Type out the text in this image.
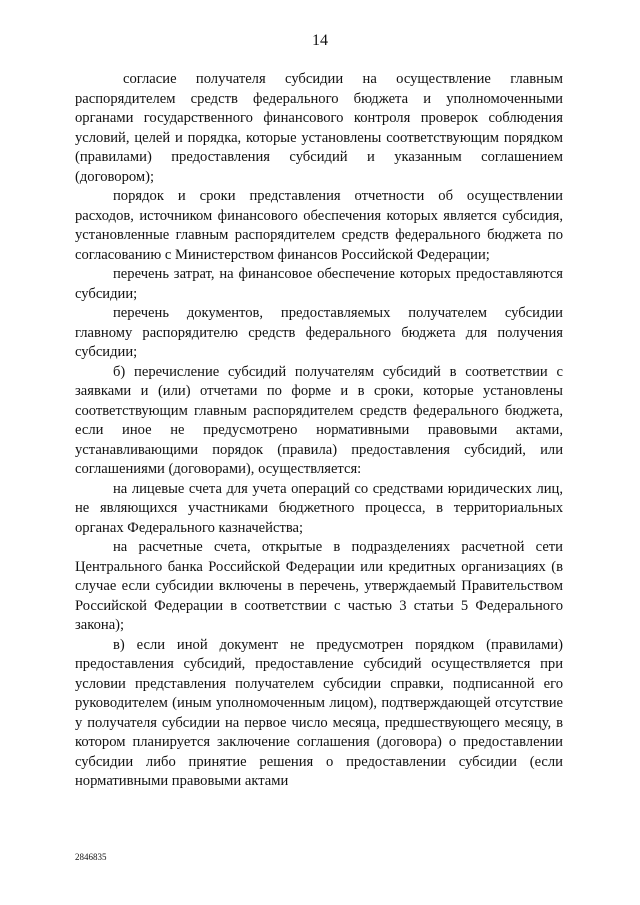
14

согласие получателя субсидии на осуществление главным распорядителем средств федерального бюджета и уполномоченными органами государственного финансового контроля проверок соблюдения условий, целей и порядка, которые установлены соответствующим порядком (правилами) предоставления субсидий и указанным соглашением (договором);

порядок и сроки представления отчетности об осуществлении расходов, источником финансового обеспечения которых является субсидия, установленные главным распорядителем средств федерального бюджета по согласованию с Министерством финансов Российской Федерации;

перечень затрат, на финансовое обеспечение которых предоставляются субсидии;

перечень документов, предоставляемых получателем субсидии главному распорядителю средств федерального бюджета для получения субсидии;

б) перечисление субсидий получателям субсидий в соответствии с заявками и (или) отчетами по форме и в сроки, которые установлены соответствующим главным распорядителем средств федерального бюджета, если иное не предусмотрено нормативными правовыми актами, устанавливающими порядок (правила) предоставления субсидий, или соглашениями (договорами), осуществляется:

на лицевые счета для учета операций со средствами юридических лиц, не являющихся участниками бюджетного процесса, в территориальных органах Федерального казначейства;

на расчетные счета, открытые в подразделениях расчетной сети Центрального банка Российской Федерации или кредитных организациях (в случае если субсидии включены в перечень, утверждаемый Правительством Российской Федерации в соответствии с частью 3 статьи 5 Федерального закона);

в) если иной документ не предусмотрен порядком (правилами) предоставления субсидий, предоставление субсидий осуществляется при условии представления получателем субсидии справки, подписанной его руководителем (иным уполномоченным лицом), подтверждающей отсутствие у получателя субсидии на первое число месяца, предшествующего месяцу, в котором планируется заключение соглашения (договора) о предоставлении субсидии либо принятие решения о предоставлении субсидии (если нормативными правовыми актами

2846835
